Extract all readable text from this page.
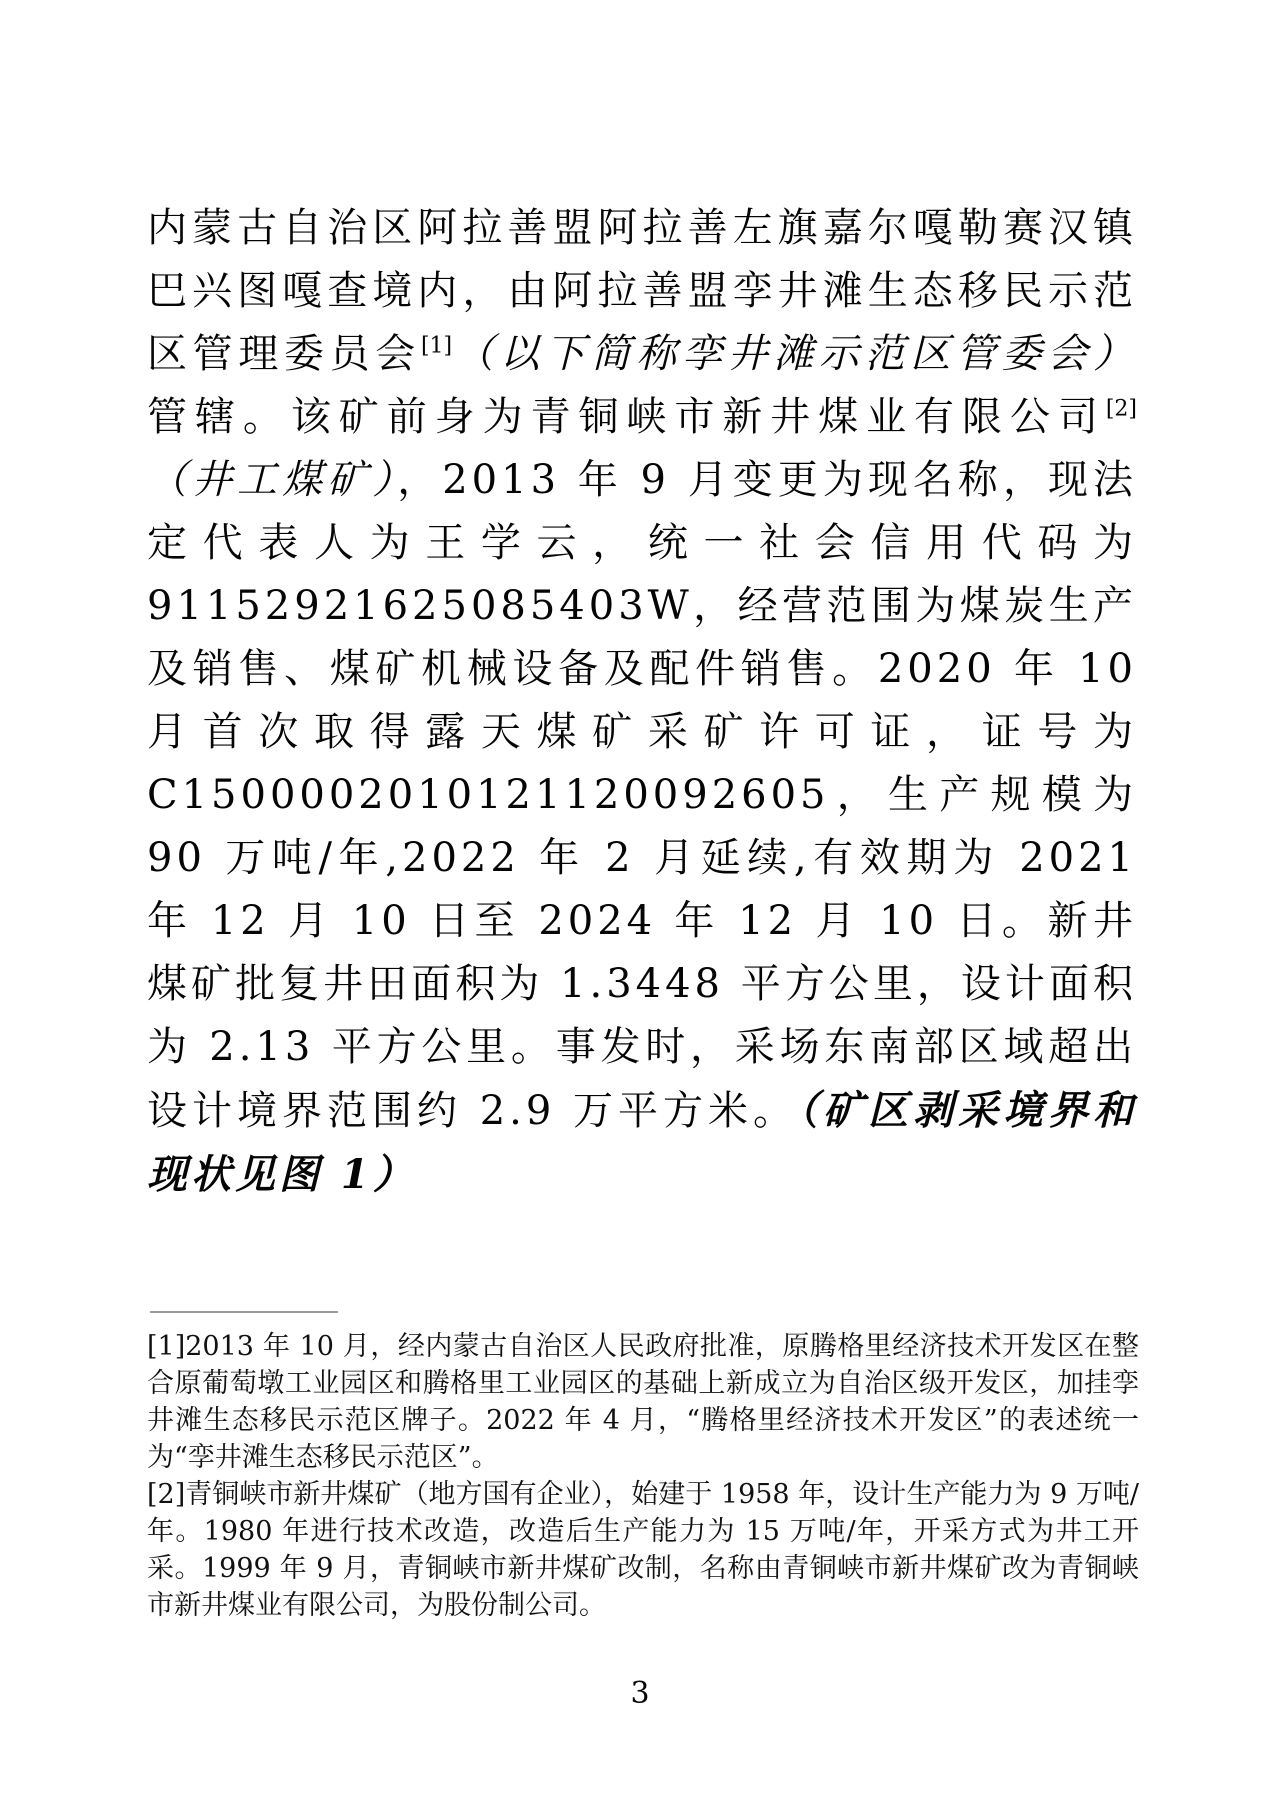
内蒙古自治区阿拉善盟阿拉善左旗嘉尔嘎勒赛汉镇巴兴图嘎查境内，由阿拉善盟孪井滩生态移民示范区管理委员会[1]（以下简称孪井滩示范区管委会）管辖。该矿前身为青铜峡市新井煤业有限公司[2]（井工煤矿），2013 年 9 月变更为现名称，现法定代表人为王学云，统一社会信用代码为 91152921625085403W，经营范围为煤炭生产及销售、煤矿机械设备及配件销售。2020 年 10 月首次取得露天煤矿采矿许可证，证号为 C1500002010121120092605，生产规模为 90 万吨/年,2022 年 2 月延续,有效期为 2021 年 12 月 10 日至 2024 年 12 月 10 日。新井煤矿批复井田面积为 1.3448 平方公里，设计面积为 2.13 平方公里。事发时，采场东南部区域超出设计境界范围约 2.9 万平方米。（矿区剥采境界和现状见图 1）

[1]2013 年 10 月，经内蒙古自治区人民政府批准，原腾格里经济技术开发区在整合原葡萄墩工业园区和腾格里工业园区的基础上新成立为自治区级开发区，加挂孪井滩生态移民示范区牌子。2022 年 4 月，“腾格里经济技术开发区”的表述统一为“孪井滩生态移民示范区”。

[2]青铜峡市新井煤矿（地方国有企业），始建于 1958 年，设计生产能力为 9 万吨/年。1980 年进行技术改造，改造后生产能力为 15 万吨/年，开采方式为井工开采。1999 年 9 月，青铜峡市新井煤矿改制，名称由青铜峡市新井煤矿改为青铜峡市新井煤业有限公司，为股份制公司。

3
